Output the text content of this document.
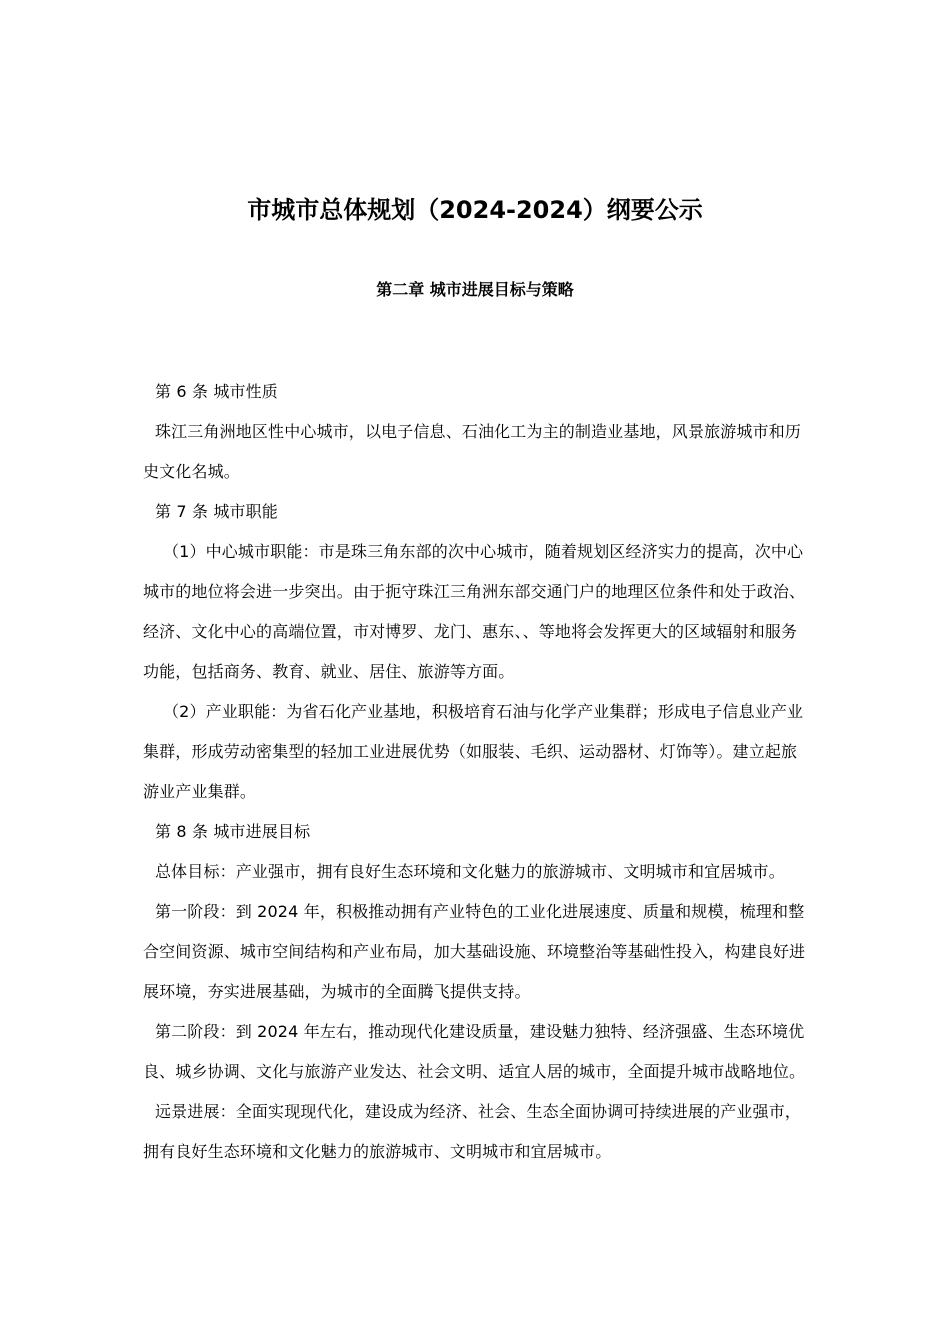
市城市总体规划（2024-2024）纲要公示
第二章 城市进展目标与策略

第 6 条 城市性质

珠江三角洲地区性中心城市，以电子信息、石油化工为主的制造业基地，风景旅游城市和历史文化名城。

第 7 条 城市职能

（1）中心城市职能：市是珠三角东部的次中心城市，随着规划区经济实力的提高，次中心城市的地位将会进一步突出。由于扼守珠江三角洲东部交通门户的地理区位条件和处于政治、经济、文化中心的高端位置，市对博罗、龙门、惠东、、等地将会发挥更大的区域辐射和服务功能，包括商务、教育、就业、居住、旅游等方面。

（2）产业职能：为省石化产业基地，积极培育石油与化学产业集群；形成电子信息业产业集群，形成劳动密集型的轻加工业进展优势（如服装、毛织、运动器材、灯饰等）。建立起旅游业产业集群。

第 8 条 城市进展目标

总体目标：产业强市，拥有良好生态环境和文化魅力的旅游城市、文明城市和宜居城市。

第一阶段：到 2024 年，积极推动拥有产业特色的工业化进展速度、质量和规模，梳理和整合空间资源、城市空间结构和产业布局，加大基础设施、环境整治等基础性投入，构建良好进展环境，夯实进展基础，为城市的全面腾飞提供支持。

第二阶段：到 2024 年左右，推动现代化建设质量，建设魅力独特、经济强盛、生态环境优良、城乡协调、文化与旅游产业发达、社会文明、适宜人居的城市，全面提升城市战略地位。

远景进展：全面实现现代化，建设成为经济、社会、生态全面协调可持续进展的产业强市，拥有良好生态环境和文化魅力的旅游城市、文明城市和宜居城市。
